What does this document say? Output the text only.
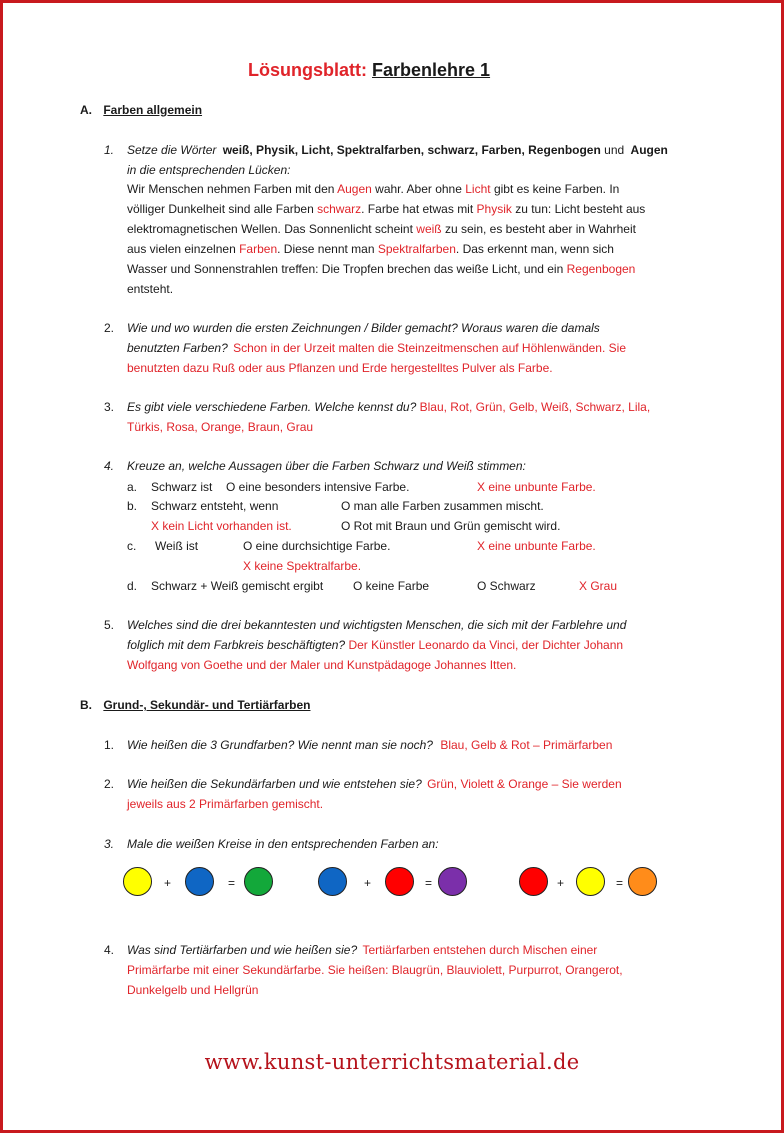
Lösungsblatt: Farbenlehre 1
A. Farben allgemein
1. Setze die Wörter weiß, Physik, Licht, Spektralfarben, schwarz, Farben, Regenbogen und Augen
in die entsprechenden Lücken:
Wir Menschen nehmen Farben mit den Augen wahr. Aber ohne Licht gibt es keine Farben. In
völliger Dunkelheit sind alle Farben schwarz. Farbe hat etwas mit Physik zu tun: Licht besteht aus
elektromagnetischen Wellen. Das Sonnenlicht scheint weiß zu sein, es besteht aber in Wahrheit
aus vielen einzelnen Farben. Diese nennt man Spektralfarben. Das erkennt man, wenn sich
Wasser und Sonnenstrahlen treffen: Die Tropfen brechen das weiße Licht, und ein Regenbogen
entsteht.
2. Wie und wo wurden die ersten Zeichnungen / Bilder gemacht? Woraus waren die damals
benutzten Farben? Schon in der Urzeit malten die Steinzeitmenschen auf Höhlenwänden. Sie
benutzten dazu Ruß oder aus Pflanzen und Erde hergestelltes Pulver als Farbe.
3. Es gibt viele verschiedene Farben. Welche kennst du? Blau, Rot, Grün, Gelb, Weiß, Schwarz, Lila,
Türkis, Rosa, Orange, Braun, Grau
4. Kreuze an, welche Aussagen über die Farben Schwarz und Weiß stimmen:
a. Schwarz ist O eine besonders intensive Farbe.	X eine unbunte Farbe.
b. Schwarz entsteht, wenn	O man alle Farben zusammen mischt.
X kein Licht vorhanden ist.	O Rot mit Braun und Grün gemischt wird.
c. Weiß ist	O eine durchsichtige Farbe.	X eine unbunte Farbe.
X keine Spektralfarbe.
d. Schwarz + Weiß gemischt ergibt O keine Farbe	O Schwarz	X Grau
5. Welches sind die drei bekanntesten und wichtigsten Menschen, die sich mit der Farblehre und
folglich mit dem Farbkreis beschäftigten? Der Künstler Leonardo da Vinci, der Dichter Johann
Wolfgang von Goethe und der Maler und Kunstpädagoge Johannes Itten.
B. Grund-, Sekundär- und Tertiärfarben
1. Wie heißen die 3 Grundfarben? Wie nennt man sie noch? Blau, Gelb & Rot – Primärfarben
2. Wie heißen die Sekundärfarben und wie entstehen sie? Grün, Violett & Orange – Sie werden
jeweils aus 2 Primärfarben gemischt.
3. Male die weißen Kreise in den entsprechenden Farben an:
+	=	+	=	+	=
4. Was sind Tertiärfarben und wie heißen sie? Tertiärfarben entstehen durch Mischen einer
Primärfarbe mit einer Sekundärfarbe. Sie heißen: Blaugrün, Blauviolett, Purpurrot, Orangerot,
Dunkelgelb und Hellgrün
www.kunst-unterrichtsmaterial.de
